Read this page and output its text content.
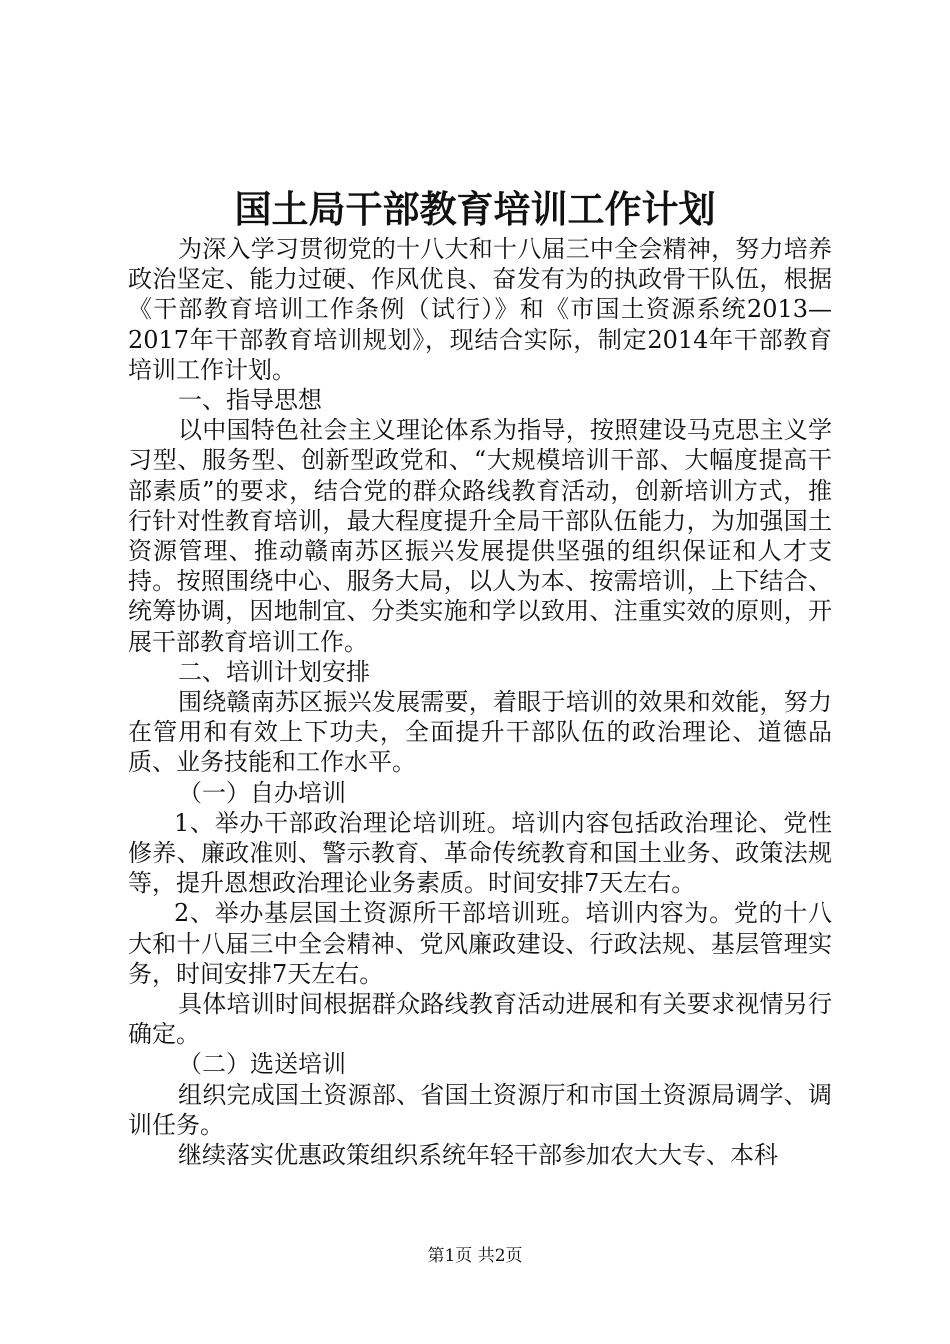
国土局干部教育培训工作计划

为深入学习贯彻党的十八大和十八届三中全会精神，努力培养政治坚定、能力过硬、作风优良、奋发有为的执政骨干队伍，根据《干部教育培训工作条例（试行）》和《市国土资源系统2013—2017年干部教育培训规划》，现结合实际，制定2014年干部教育培训工作计划。

一、指导思想

以中国特色社会主义理论体系为指导，按照建设马克思主义学习型、服务型、创新型政党和、“大规模培训干部、大幅度提高干部素质”的要求，结合党的群众路线教育活动，创新培训方式，推行针对性教育培训，最大程度提升全局干部队伍能力，为加强国土资源管理、推动赣南苏区振兴发展提供坚强的组织保证和人才支持。按照围绕中心、服务大局，以人为本、按需培训，上下结合、统筹协调，因地制宜、分类实施和学以致用、注重实效的原则，开展干部教育培训工作。

二、培训计划安排

围绕赣南苏区振兴发展需要，着眼于培训的效果和效能，努力在管用和有效上下功夫，全面提升干部队伍的政治理论、道德品质、业务技能和工作水平。

（一）自办培训

1、举办干部政治理论培训班。培训内容包括政治理论、党性修养、廉政准则、警示教育、革命传统教育和国土业务、政策法规等，提升恩想政治理论业务素质。时间安排7天左右。

2、举办基层国土资源所干部培训班。培训内容为。党的十八大和十八届三中全会精神、党风廉政建设、行政法规、基层管理实务，时间安排7天左右。

具体培训时间根据群众路线教育活动进展和有关要求视情另行确定。

（二）选送培训

组织完成国土资源部、省国土资源厅和市国土资源局调学、调训任务。

继续落实优惠政策组织系统年轻干部参加农大大专、本科

第1页 共2页
